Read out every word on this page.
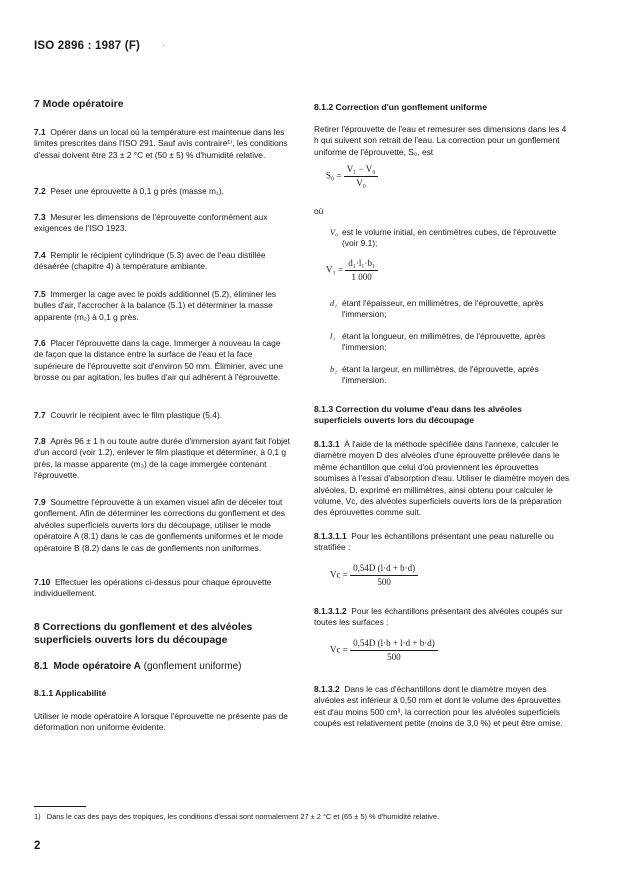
ISO 2896 : 1987 (F) ·
7 Mode opératoire

7.1 Opérer dans un local où la température est maintenue dans les limites prescrites dans l'ISO 291. Sauf avis contraire¹⁾, les conditions d'essai doivent être 23 ± 2 °C et (50 ± 5) % d'humidité relative.

7.2 Peser une éprouvette à 0,1 g près (masse m₁).

7.3 Mesurer les dimensions de l'éprouvette conformément aux exigences de l'ISO 1923.

7.4 Remplir le récipient cylindrique (5.3) avec de l'eau distillée désaérée (chapitre 4) à température ambiante.

7.5 Immerger la cage avec le poids additionnel (5.2), éliminer les bulles d'air, l'accrocher à la balance (5.1) et déterminer la masse apparente (m₂) à 0,1 g près.

7.6 Placer l'éprouvette dans la cage. Immerger à nouveau la cage de façon que la distance entre la surface de l'eau et la face supérieure de l'éprouvette soit d'environ 50 mm. Éliminer, avec une brosse ou par agitation, les bulles d'air qui adhèrent à l'éprouvette.

7.7 Couvrir le récipient avec le film plastique (5.4).

7.8 Après 96 ± 1 h ou toute autre durée d'immersion ayant fait l'objet d'un accord (voir 1.2), enlever le film plastique et déterminer, à 0,1 g près, la masse apparente (m₃) de la cage immergée contenant l'éprouvette.

7.9 Soumettre l'éprouvette à un examen visuel afin de déceler tout gonflement. Afin de déterminer les corrections du gonflement et des alvéoles superficiels ouverts lors du découpage, utiliser le mode opératoire A (8.1) dans le cas de gonflements uniformes et le mode opératoire B (8.2) dans le cas de gonflements non uniformes.

7.10 Effectuer les opérations ci-dessus pour chaque éprouvette individuellement.

8 Corrections du gonflement et des alvéoles superficiels ouverts lors du découpage
8.1 Mode opératoire A (gonflement uniforme)

8.1.1 Applicabilité

Utiliser le mode opératoire A lorsque l'éprouvette ne présente pas de déformation non uniforme évidente.

8.1.2 Correction d'un gonflement uniforme

Retirer l'éprouvette de l'eau et remesurer ses dimensions dans les 4 h qui suivent son retrait de l'eau. La correction pour un gonflement uniforme de l'éprouvette, S₀, est

$S_0 = \frac{\text{V₁ − V₀}}{\text{V₀}}$

où

V₀ est le volume initial, en centimètres cubes, de l'éprouvette (voir 9.1);
$V_1 = \frac{\text{d₁·l₁·b₁}}{1 000}$
d₁ étant l'épaisseur, en millimètres, de l'éprouvette, après l'immersion;
l₁ étant la longueur, en millimètres, de l'éprouvette, après l'immersion;
b₁ étant la largeur, en millimètres, de l'éprouvette, après l'immersion.

8.1.3 Correction du volume d'eau dans les alvéoles superficiels ouverts lors du découpage

8.1.3.1 À l'aide de la méthode spécifiée dans l'annexe, calculer le diamètre moyen D des alvéoles d'une éprouvette prélevée dans le même échantillon que celui d'où proviennent les éprouvettes soumises à l'essai d'absorption d'eau. Utiliser le diamètre moyen des alvéoles, D, exprimé en millimètres, ainsi obtenu pour calculer le volume, Vc, des alvéoles superficiels ouverts lors de la préparation des éprouvettes comme suit.

8.1.3.1.1 Pour les échantillons présentant une peau naturelle ou stratifiée :

$Vc = \frac{0,54D (l\cdot d + b\cdot d)}{500}$

8.1.3.1.2 Pour les échantillons présentant des alvéoles coupés sur toutes les surfaces :

$Vc = \frac{0,54D (l\cdot b + l\cdot d + b\cdot d)}{500}$

8.1.3.2 Dans le cas d'échantillons dont le diamètre moyen des alvéoles est inférieur à 0,50 mm et dont le volume des éprouvettes est d'au moins 500 cm³, la correction pour les alvéoles superficiels coupés est relativement petite (moins de 3,0 %) et peut être omise.

1) Dans le cas des pays des tropiques, les conditions d'essai sont normalement 27 ± 2 °C et (65 ± 5) % d'humidité relative.
2
